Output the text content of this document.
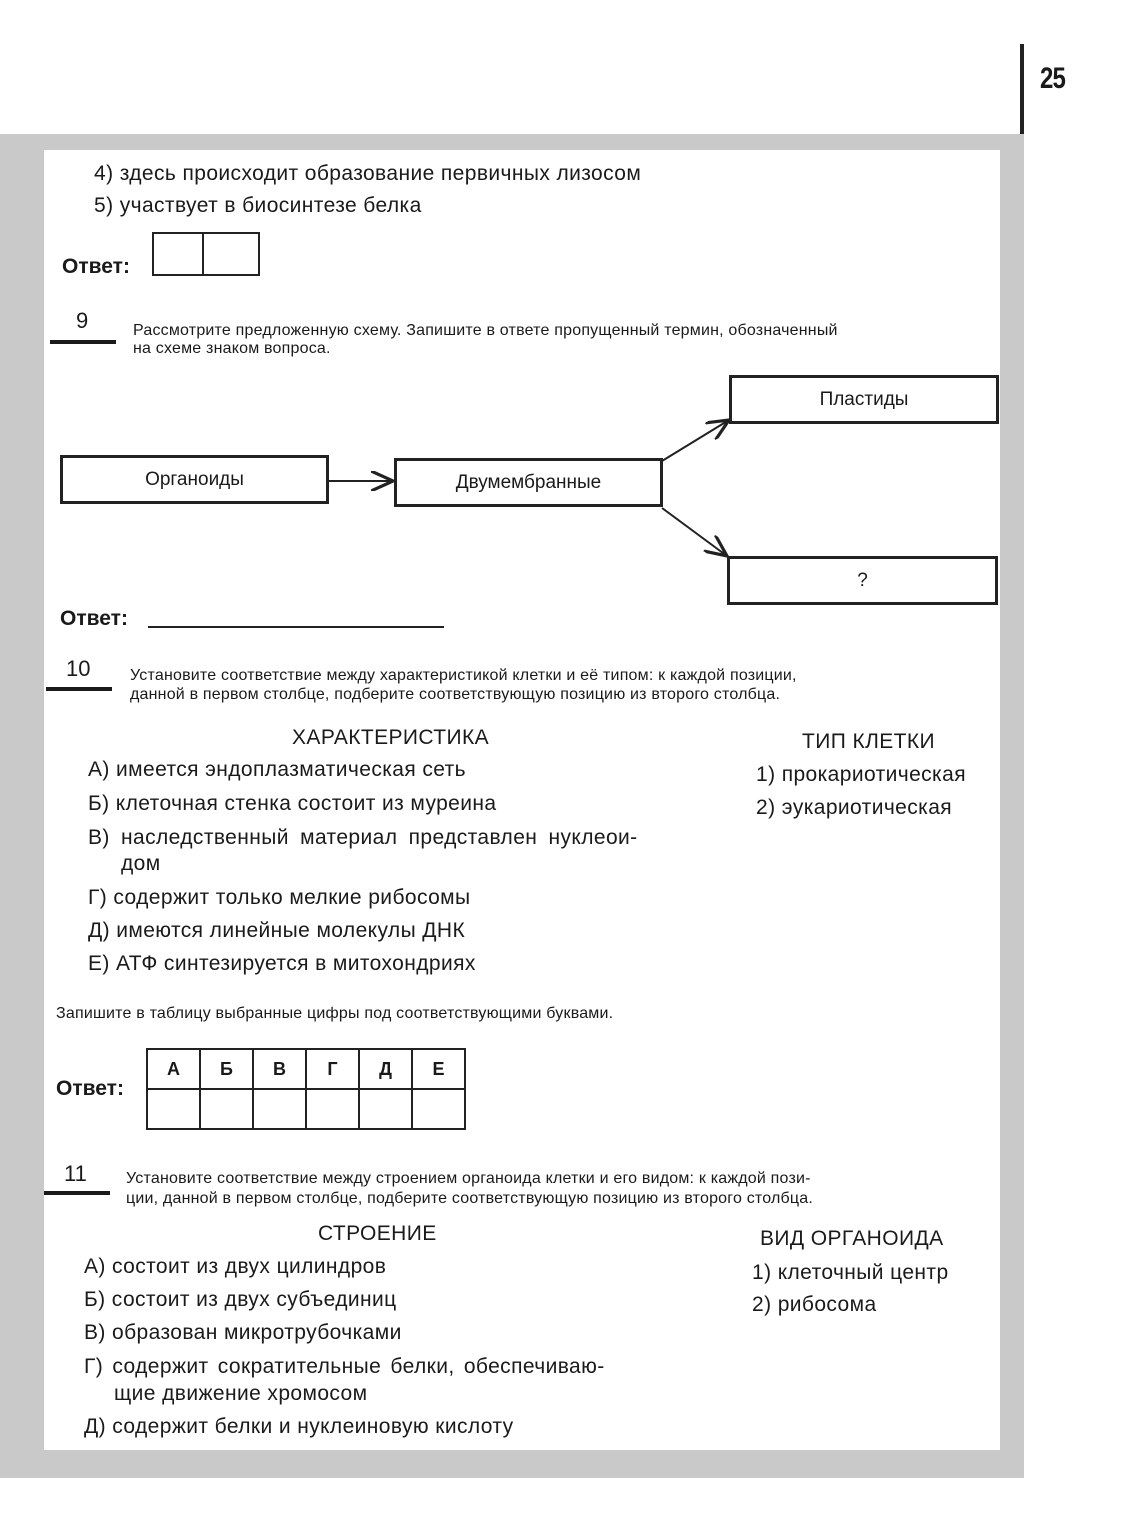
25
4) здесь происходит образование первичных лизосом
5) участвует в биосинтезе белка
Ответ:
9	Рассмотрите предложенную схему. Запишите в ответе пропущенный термин, обозначенный
на схеме знаком вопроса.
Органоиды	Двумембранные
Пластиды
?
Ответ:
10 Установите соответствие между характеристикой клетки и её типом: к каждой позиции,
данной в первом столбце, подберите соответствующую позицию из второго столбца.
ХАРАКТЕРИСТИКА	ТИП КЛЕТКИ
А) имеется эндоплазматическая сеть
Б) клеточная стенка состоит из муреина
В) наследственный материал представлен нуклеои-
дом
Г) содержит только мелкие рибосомы
Д) имеются линейные молекулы ДНК
Е) АТФ синтезируется в митохондриях
1) прокариотическая
2) эукариотическая
Запишите в таблицу выбранные цифры под соответствующими буквами.
Ответ:
А	Б	В	Г	Д	Е

11 Установите соответствие между строением органоида клетки и его видом: к каждой пози-
ции, данной в первом столбце, подберите соответствующую позицию из второго столбца.
СТРОЕНИЕ	ВИД ОРГАНОИДА
А) состоит из двух цилиндров
Б) состоит из двух субъединиц
В) образован микротрубочками
Г) содержит сократительные белки, обеспечиваю-
щие движение хромосом
Д) содержит белки и нуклеиновую кислоту
1) клеточный центр
2) рибосома
